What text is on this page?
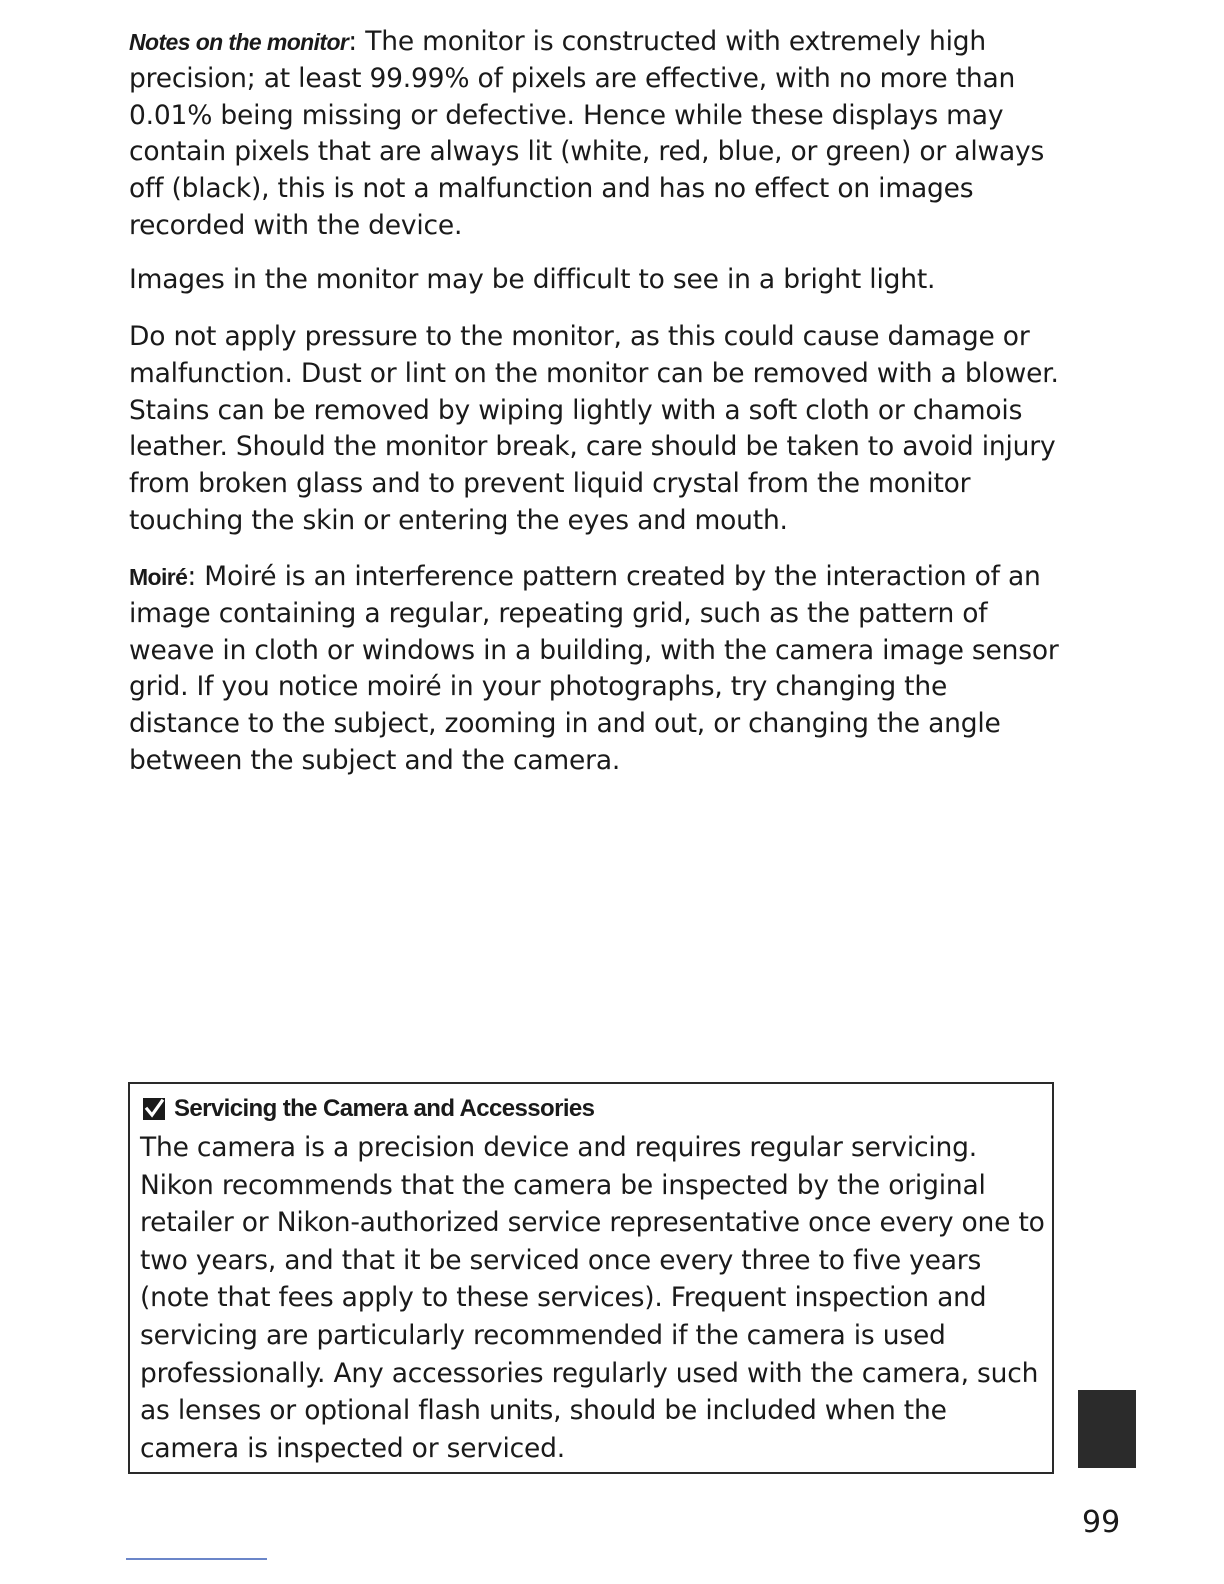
Notes on the monitor: The monitor is constructed with extremely high precision; at least 99.99% of pixels are effective, with no more than 0.01% being missing or defective. Hence while these displays may contain pixels that are always lit (white, red, blue, or green) or always off (black), this is not a malfunction and has no effect on images recorded with the device.

Images in the monitor may be difficult to see in a bright light.

Do not apply pressure to the monitor, as this could cause damage or malfunction. Dust or lint on the monitor can be removed with a blower. Stains can be removed by wiping lightly with a soft cloth or chamois leather. Should the monitor break, care should be taken to avoid injury from broken glass and to prevent liquid crystal from the monitor touching the skin or entering the eyes and mouth.

Moiré: Moiré is an interference pattern created by the interaction of an image containing a regular, repeating grid, such as the pattern of weave in cloth or windows in a building, with the camera image sensor grid. If you notice moiré in your photographs, try changing the distance to the subject, zooming in and out, or changing the angle between the subject and the camera.

Servicing the Camera and Accessories

The camera is a precision device and requires regular servicing. Nikon recommends that the camera be inspected by the original retailer or Nikon-authorized service representative once every one to two years, and that it be serviced once every three to five years (note that fees apply to these services). Frequent inspection and servicing are particularly recommended if the camera is used professionally. Any accessories regularly used with the camera, such as lenses or optional flash units, should be included when the camera is inspected or serviced.

99
